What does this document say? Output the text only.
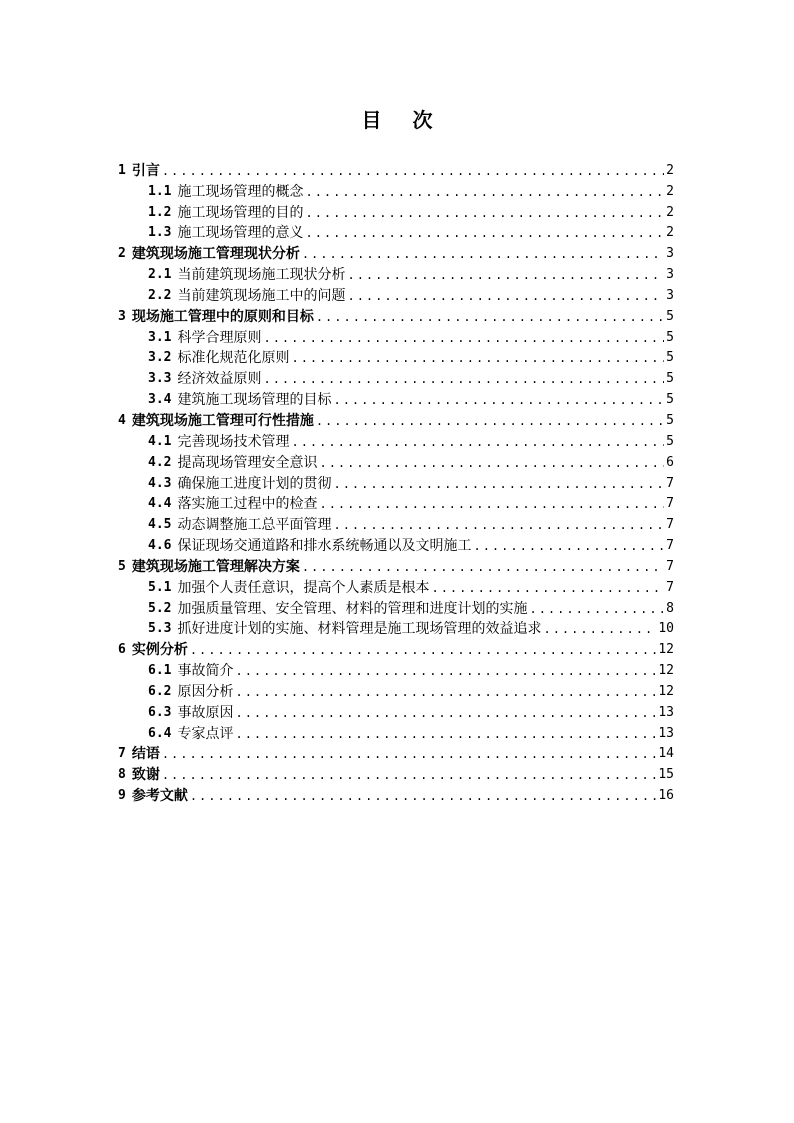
目 次
1 引言 .....	2
1.1 施工现场管理的概念 .....	2
1.2 施工现场管理的目的 .....	2
1.3 施工现场管理的意义 .....	2
2 建筑现场施工管理现状分析 .....	3
2.1 当前建筑现场施工现状分析 .....	3
2.2 当前建筑现场施工中的问题 .....	3
3 现场施工管理中的原则和目标 .....	5
3.1 科学合理原则 .....	5
3.2 标准化规范化原则 .....	5
3.3 经济效益原则 .....	5
3.4 建筑施工现场管理的目标 .....	5
4 建筑现场施工管理可行性措施 .....	5
4.1 完善现场技术管理 .....	5
4.2 提高现场管理安全意识 .....	6
4.3 确保施工进度计划的贯彻 .....	7
4.4 落实施工过程中的检查 .....	7
4.5 动态调整施工总平面管理 .....	7
4.6 保证现场交通道路和排水系统畅通以及文明施工 .....	7
5 建筑现场施工管理解决方案 .....	7
5.1 加强个人责任意识，提高个人素质是根本 .....	7
5.2 加强质量管理、安全管理、材料的管理和进度计划的实施 .....	8
5.3 抓好进度计划的实施、材料管理是施工现场管理的效益追求 .....	10
6 实例分析 .....	12
6.1 事故简介 .....	12
6.2 原因分析 .....	12
6.3 事故原因 .....	13
6.4 专家点评 .....	13
7 结语 .....	14
8 致谢 .....	15
9 参考文献 .....	16
